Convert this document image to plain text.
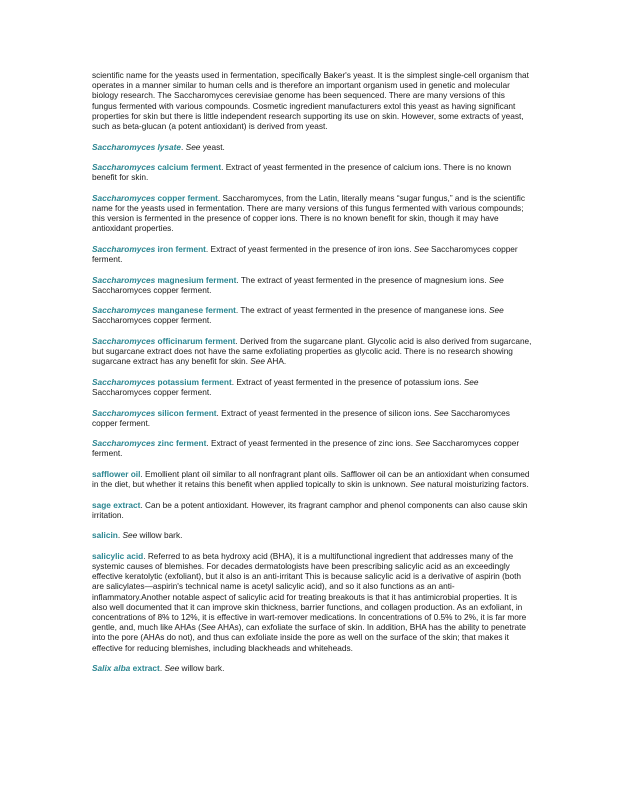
scientific name for the yeasts used in fermentation, specifically Baker's yeast. It is the simplest single-cell organism that operates in a manner similar to human cells and is therefore an important organism used in genetic and molecular biology research. The Saccharomyces cerevisiae genome has been sequenced. There are many versions of this fungus fermented with various compounds. Cosmetic ingredient manufacturers extol this yeast as having significant properties for skin but there is little independent research supporting its use on skin. However, some extracts of yeast, such as beta-glucan (a potent antioxidant) is derived from yeast.

Saccharomyces lysate. See yeast.

Saccharomyces calcium ferment. Extract of yeast fermented in the presence of calcium ions. There is no known benefit for skin.

Saccharomyces copper ferment. Saccharomyces, from the Latin, literally means “sugar fungus,” and is the scientific name for the yeasts used in fermentation. There are many versions of this fungus fermented with various compounds; this version is fermented in the presence of copper ions. There is no known benefit for skin, though it may have antioxidant properties.

Saccharomyces iron ferment. Extract of yeast fermented in the presence of iron ions. See Saccharomyces copper ferment.

Saccharomyces magnesium ferment. The extract of yeast fermented in the presence of magnesium ions. See Saccharomyces copper ferment.

Saccharomyces manganese ferment. The extract of yeast fermented in the presence of manganese ions. See Saccharomyces copper ferment.

Saccharomyces officinarum ferment. Derived from the sugarcane plant. Glycolic acid is also derived from sugarcane, but sugarcane extract does not have the same exfoliating properties as glycolic acid. There is no research showing sugarcane extract has any benefit for skin. See AHA.

Saccharomyces potassium ferment. Extract of yeast fermented in the presence of potassium ions. See Saccharomyces copper ferment.

Saccharomyces silicon ferment. Extract of yeast fermented in the presence of silicon ions. See Saccharomyces copper ferment.

Saccharomyces zinc ferment. Extract of yeast fermented in the presence of zinc ions. See Saccharomyces copper ferment.

safflower oil. Emollient plant oil similar to all nonfragrant plant oils. Safflower oil can be an antioxidant when consumed in the diet, but whether it retains this benefit when applied topically to skin is unknown. See natural moisturizing factors.

sage extract. Can be a potent antioxidant. However, its fragrant camphor and phenol components can also cause skin irritation.

salicin. See willow bark.

salicylic acid. Referred to as beta hydroxy acid (BHA), it is a multifunctional ingredient that addresses many of the systemic causes of blemishes. For decades dermatologists have been prescribing salicylic acid as an exceedingly effective keratolytic (exfoliant), but it also is an anti-irritant This is because salicylic acid is a derivative of aspirin (both are salicylates—aspirin's technical name is acetyl salicylic acid), and so it also functions as an anti-inflammatory.Another notable aspect of salicylic acid for treating breakouts is that it has antimicrobial properties. It is also well documented that it can improve skin thickness, barrier functions, and collagen production. As an exfoliant, in concentrations of 8% to 12%, it is effective in wart-remover medications. In concentrations of 0.5% to 2%, it is far more gentle, and, much like AHAs (See AHAs), can exfoliate the surface of skin. In addition, BHA has the ability to penetrate into the pore (AHAs do not), and thus can exfoliate inside the pore as well on the surface of the skin; that makes it effective for reducing blemishes, including blackheads and whiteheads.

Salix alba extract. See willow bark.
